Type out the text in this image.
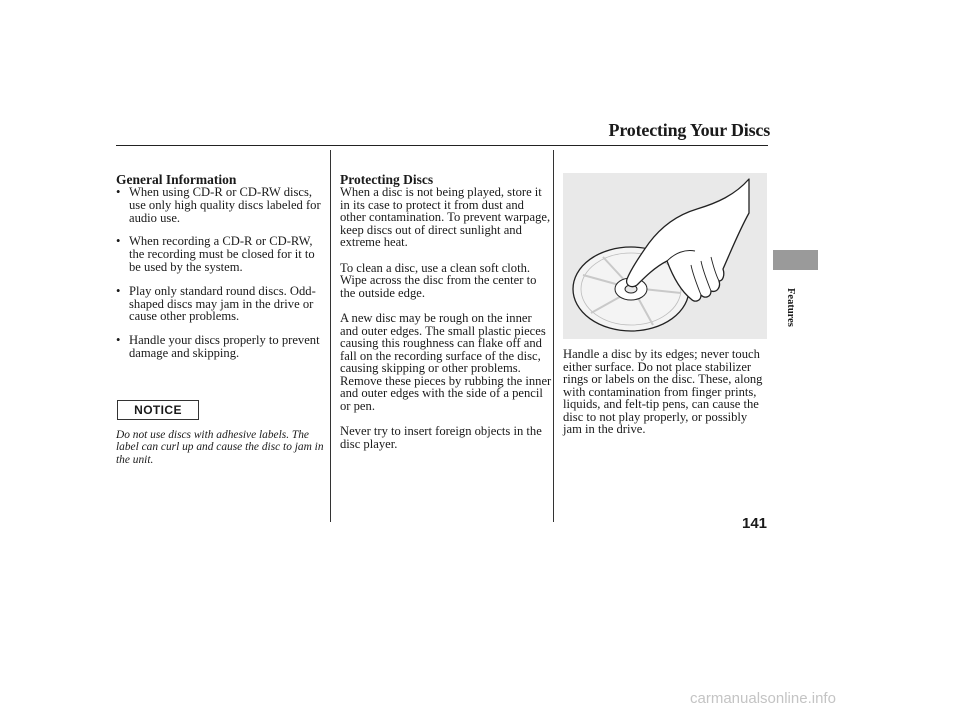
Protecting Your Discs
General Information
• When using CD-R or CD-RW discs, use only high quality discs labeled for audio use.
• When recording a CD-R or CD-RW, the recording must be closed for it to be used by the system.
• Play only standard round discs. Odd-shaped discs may jam in the drive or cause other problems.
• Handle your discs properly to prevent damage and skipping.
NOTICE
Do not use discs with adhesive labels. The label can curl up and cause the disc to jam in the unit.
Protecting Discs

When a disc is not being played, store it in its case to protect it from dust and other contamination. To prevent warpage, keep discs out of direct sunlight and extreme heat.

To clean a disc, use a clean soft cloth. Wipe across the disc from the center to the outside edge.

A new disc may be rough on the inner and outer edges. The small plastic pieces causing this roughness can flake off and fall on the recording surface of the disc, causing skipping or other problems. Remove these pieces by rubbing the inner and outer edges with the side of a pencil or pen.

Never try to insert foreign objects in the disc player.

Handle a disc by its edges; never touch either surface. Do not place stabilizer rings or labels on the disc. These, along with contamination from finger prints, liquids, and felt-tip pens, can cause the disc to not play properly, or possibly jam in the drive.

Features
141
carmanualsonline.info
